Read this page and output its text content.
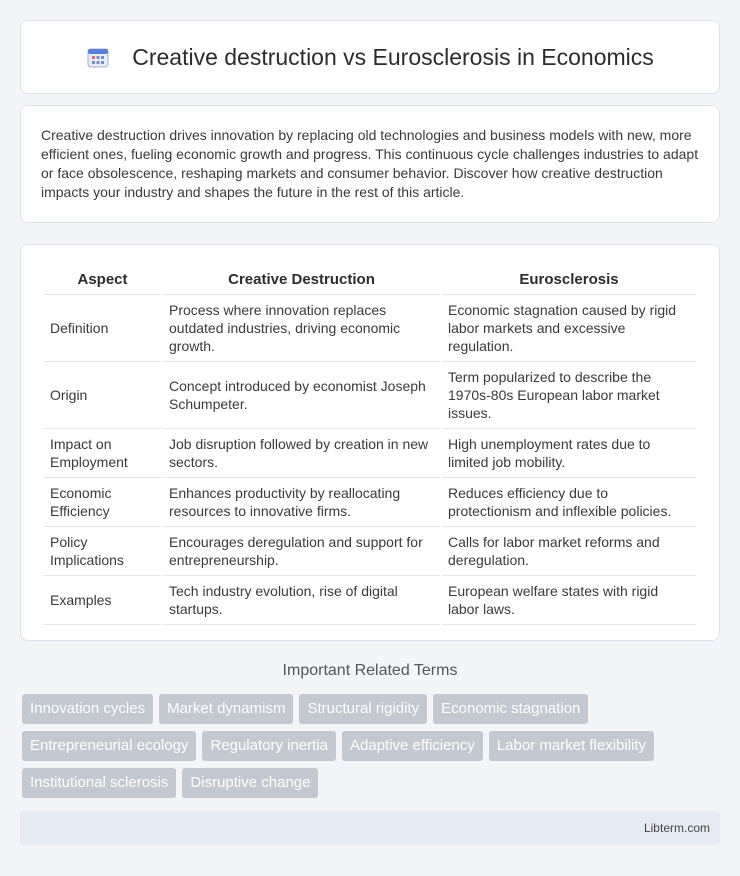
Creative destruction vs Eurosclerosis in Economics

Creative destruction drives innovation by replacing old technologies and business models with new, more efficient ones, fueling economic growth and progress. This continuous cycle challenges industries to adapt or face obsolescence, reshaping markets and consumer behavior. Discover how creative destruction impacts your industry and shapes the future in the rest of this article.

Aspect	Creative Destruction	Eurosclerosis
Definition	Process where innovation replaces outdated industries, driving economic growth.	Economic stagnation caused by rigid labor markets and excessive regulation.
Origin	Concept introduced by economist Joseph Schumpeter.	Term popularized to describe the 1970s-80s European labor market issues.
Impact on Employment	Job disruption followed by creation in new sectors.	High unemployment rates due to limited job mobility.
Economic Efficiency	Enhances productivity by reallocating resources to innovative firms.	Reduces efficiency due to protectionism and inflexible policies.
Policy Implications	Encourages deregulation and support for entrepreneurship.	Calls for labor market reforms and deregulation.
Examples	Tech industry evolution, rise of digital startups.	European welfare states with rigid labor laws.
Important Related Terms
Innovation cycles	Market dynamism	Structural rigidity	Economic stagnation
Entrepreneurial ecology	Regulatory inertia	Adaptive efficiency	Labor market flexibility
Institutional sclerosis	Disruptive change
Libterm.com
